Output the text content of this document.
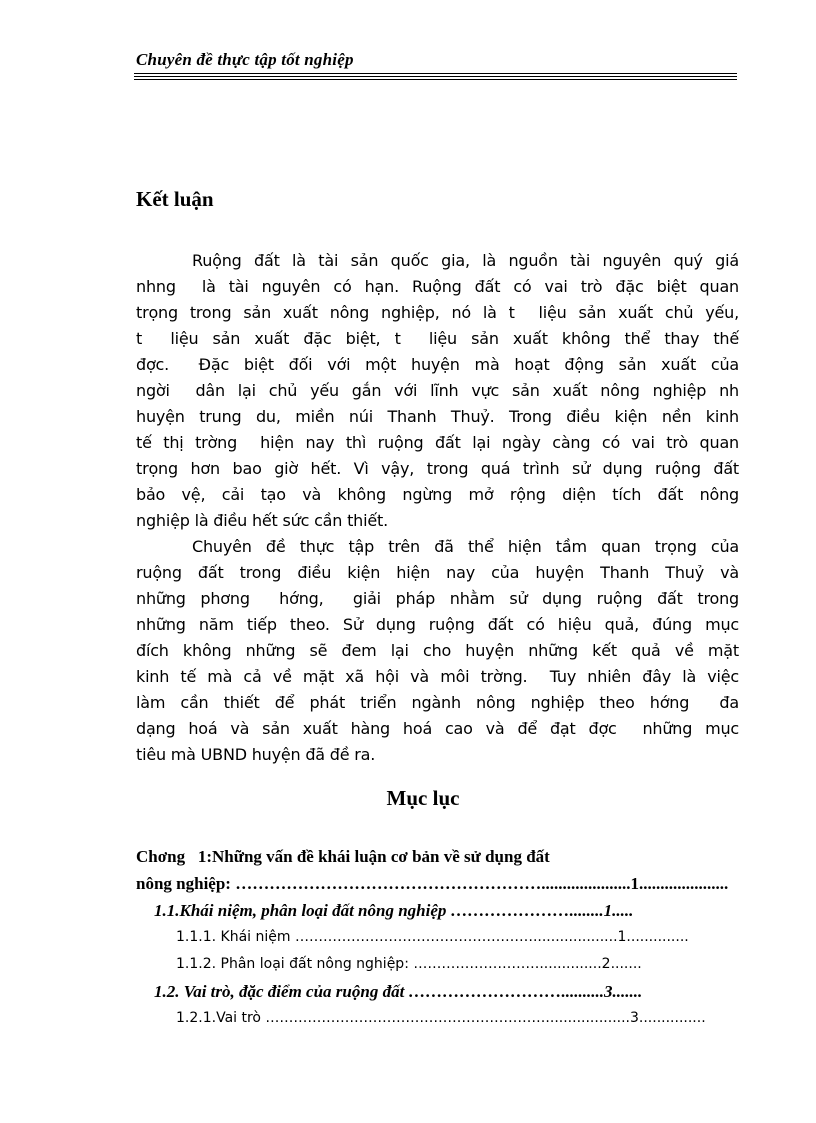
Chuyên đề thực tập tốt nghiệp
Kết luận
Ruộng đất là tài sản quốc gia, là nguồn tài nguyên quý giá
nhng  là tài nguyên có hạn. Ruộng đất có vai trò đặc biệt quan
trọng trong sản xuất nông nghiệp, nó là t  liệu sản xuất chủ yếu,
t  liệu sản xuất đặc biệt, t  liệu sản xuất không thể thay thế
đợc.  Đặc biệt đối với một huyện mà hoạt động sản xuất của
ngời  dân lại chủ yếu gắn với lĩnh vực sản xuất nông nghiệp nh
huyện trung du, miền núi Thanh Thuỷ. Trong điều kiện nền kinh
tế thị trờng  hiện nay thì ruộng đất lại ngày càng có vai trò quan
trọng hơn bao giờ hết. Vì vậy, trong quá trình sử dụng ruộng đất
bảo vệ, cải tạo và không ngừng mở rộng diện tích đất nông
nghiệp là điều hết sức cần thiết.
Chuyên đề thực tập trên đã thể hiện tầm quan trọng của
ruộng đất trong điều kiện hiện nay của huyện Thanh Thuỷ và
những phơng  hớng,  giải pháp nhằm sử dụng ruộng đất trong
những năm tiếp theo. Sử dụng ruộng đất có hiệu quả, đúng mục
đích không những sẽ đem lại cho huyện những kết quả về mặt
kinh tế mà cả về mặt xã hội và môi trờng.  Tuy nhiên đây là việc
làm cần thiết để phát triển ngành nông nghiệp theo hớng  đa
dạng hoá và sản xuất hàng hoá cao và để đạt đợc  những mục
tiêu mà UBND huyện đã đề ra.
Mục lục
Chơng   1:Những vấn đề khái luận cơ bản về sử dụng đất
nông nghiệp: ……………………………………………….....................1.....................
1.1.Khái niệm, phân loại đất nông nghiệp …………………........1.....
1.1.1. Khái niệm ……………………………………………...................1..............
1.1.2. Phân loại đất nông nghiệp: ………………………..............2.......
1.2. Vai trò, đặc điểm của ruộng đất ………………………..........3.......
1.2.1.Vai trò ……………………………………………………...................3...............
